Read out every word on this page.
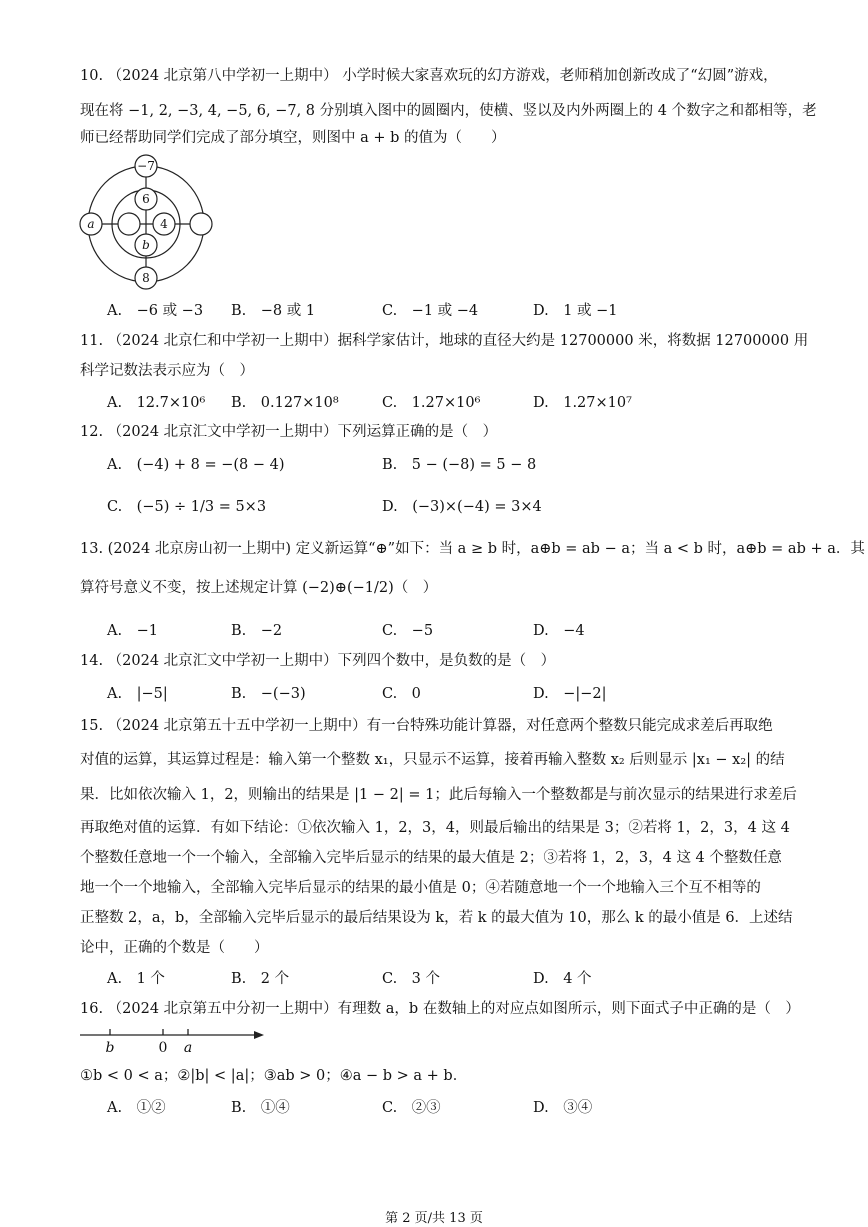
10. （2024 北京第八中学初一上期中） 小学时候大家喜欢玩的幻方游戏，老师稍加创新改成了“幻圆”游戏，
现在将 −1, 2, −3, 4, −5, 6, −7, 8 分别填入图中的圆圈内，使横、竖以及内外两圈上的 4 个数字之和都相等，老
师已经帮助同学们完成了部分填空，则图中 a + b 的值为（　　）
−7
a
6
4
b
8
A.　−6 或 −3 B.　−8 或 1	C.　−1 或 −4	D.　1 或 −1
11. （2024 北京仁和中学初一上期中）据科学家估计，地球的直径大约是 12700000 米，将数据 12700000 用
科学记数法表示应为（　）
A.　12.7×10⁶ B.　0.127×10⁸	C.　1.27×10⁶	D.　1.27×10⁷
12. （2024 北京汇文中学初一上期中）下列运算正确的是（　）
A.　(−4) + 8 = −(8 − 4)	B.　5 − (−8) = 5 − 8
C.　(−5) ÷ 1/3 = 5×3	D.　(−3)×(−4) = 3×4
13. (2024 北京房山初一上期中) 定义新运算“⊕”如下：当 a ≥ b 时，a⊕b = ab − a；当 a < b 时，a⊕b = ab + a．其
算符号意义不变，按上述规定计算 (−2)⊕(−1/2)（　）
A.　−1	B.　−2	C.　−5	D.　−4
14. （2024 北京汇文中学初一上期中）下列四个数中，是负数的是（　）
A.　|−5|	B.　−(−3)	C.　0	D.　−|−2|
15. （2024 北京第五十五中学初一上期中）有一台特殊功能计算器，对任意两个整数只能完成求差后再取绝
对值的运算，其运算过程是：输入第一个整数 x₁，只显示不运算，接着再输入整数 x₂ 后则显示 |x₁ − x₂| 的结
果．比如依次输入 1，2，则输出的结果是 |1 − 2| = 1；此后每输入一个整数都是与前次显示的结果进行求差后
再取绝对值的运算．有如下结论：①依次输入 1，2，3，4，则最后输出的结果是 3；②若将 1，2，3，4 这 4
个整数任意地一个一个输入，全部输入完毕后显示的结果的最大值是 2；③若将 1，2，3，4 这 4 个整数任意
地一个一个地输入，全部输入完毕后显示的结果的最小值是 0；④若随意地一个一个地输入三个互不相等的
正整数 2，a，b，全部输入完毕后显示的最后结果设为 k，若 k 的最大值为 10，那么 k 的最小值是 6．上述结
论中，正确的个数是（　　）
A.　1 个	B.　2 个	C.　3 个	D.　4 个
16. （2024 北京第五中分初一上期中）有理数 a，b 在数轴上的对应点如图所示，则下面式子中正确的是（　）
b	0 a
①b < 0 < a；②|b| < |a|；③ab > 0；④a − b > a + b．
A.　①②	B.　①④	C.　②③	D.　③④
第 2 页/共 13 页
